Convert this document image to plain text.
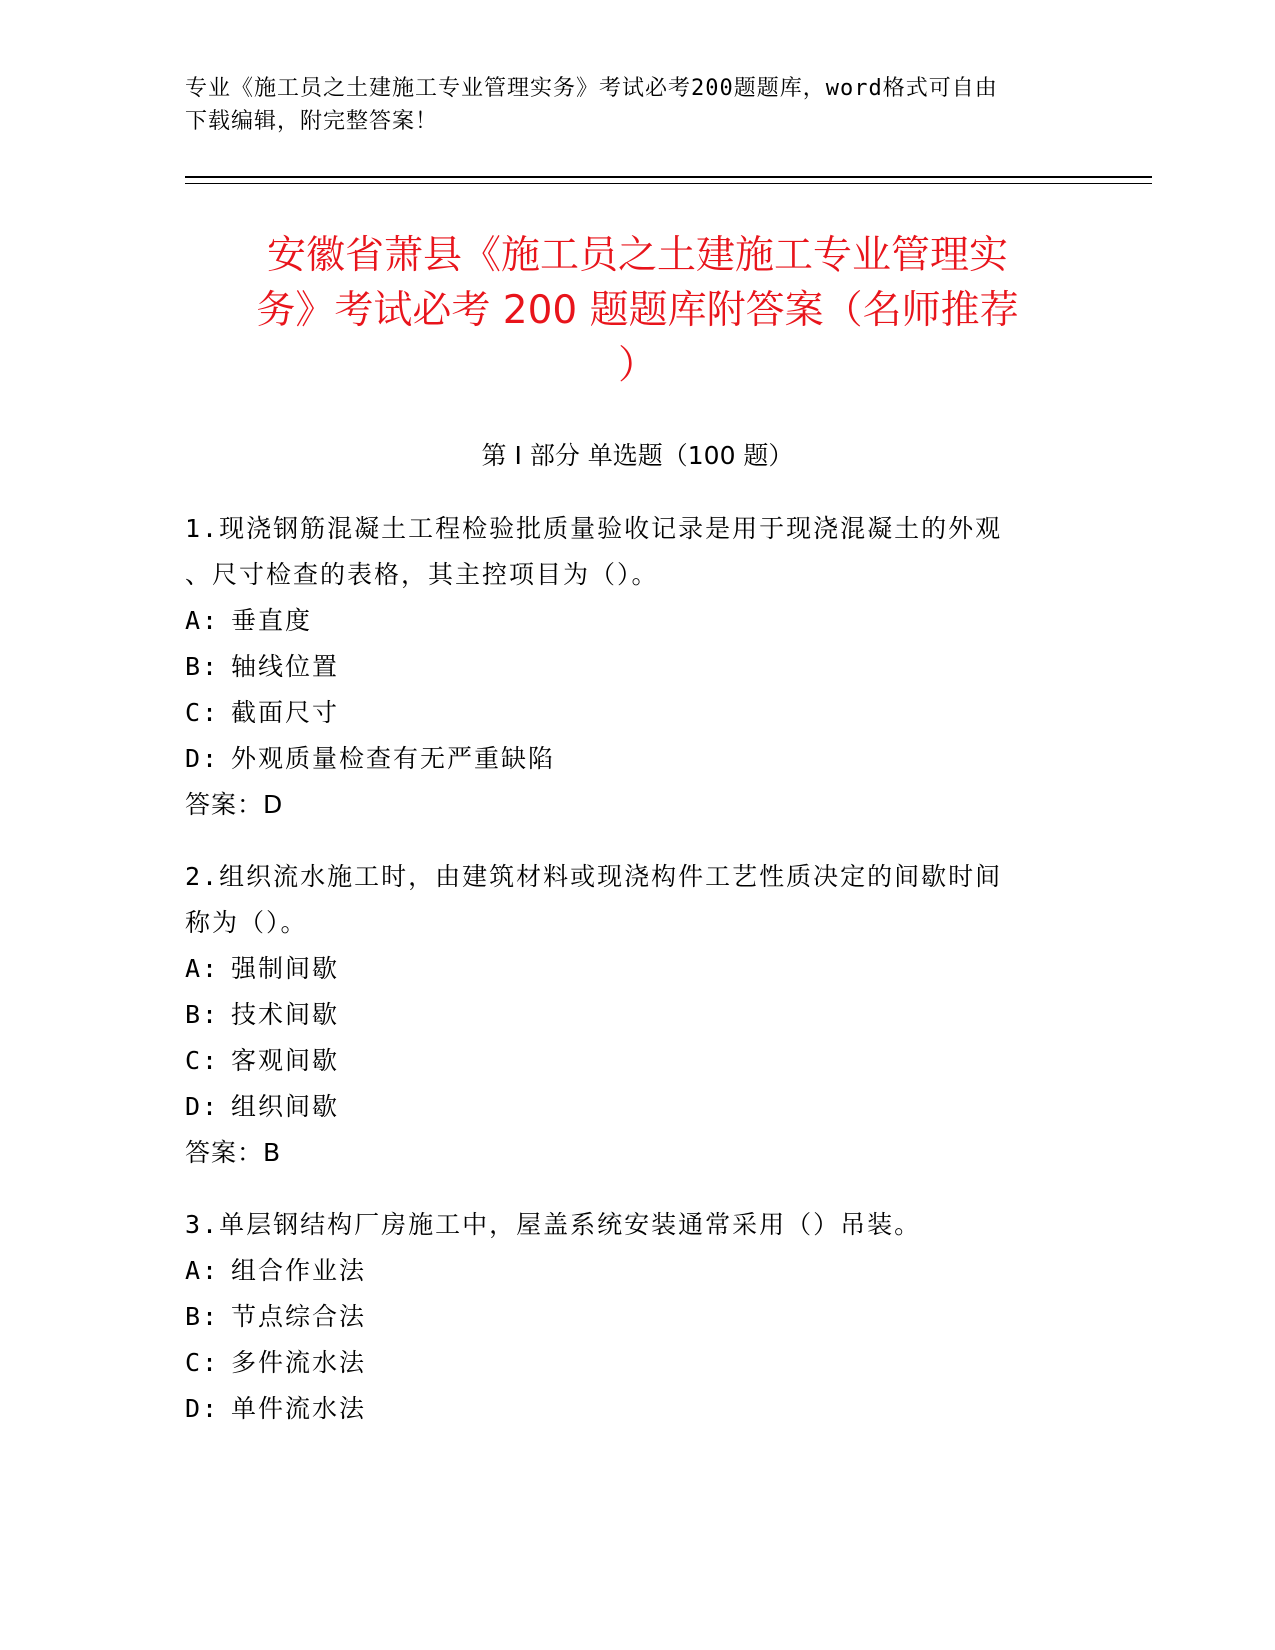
专业《施工员之土建施工专业管理实务》考试必考200题题库，word格式可自由
下载编辑，附完整答案！
安徽省萧县《施工员之土建施工专业管理实
务》考试必考 200 题题库附答案（名师推荐
）
第 I 部分 单选题（100 题）
1.现浇钢筋混凝土工程检验批质量验收记录是用于现浇混凝土的外观
、尺寸检查的表格，其主控项目为（）。
A: 垂直度
B: 轴线位置
C: 截面尺寸
D: 外观质量检查有无严重缺陷
答案：D
2.组织流水施工时，由建筑材料或现浇构件工艺性质决定的间歇时间
称为（）。
A: 强制间歇
B: 技术间歇
C: 客观间歇
D: 组织间歇
答案：B
3.单层钢结构厂房施工中，屋盖系统安装通常采用（）吊装。
A: 组合作业法
B: 节点综合法
C: 多件流水法
D: 单件流水法
